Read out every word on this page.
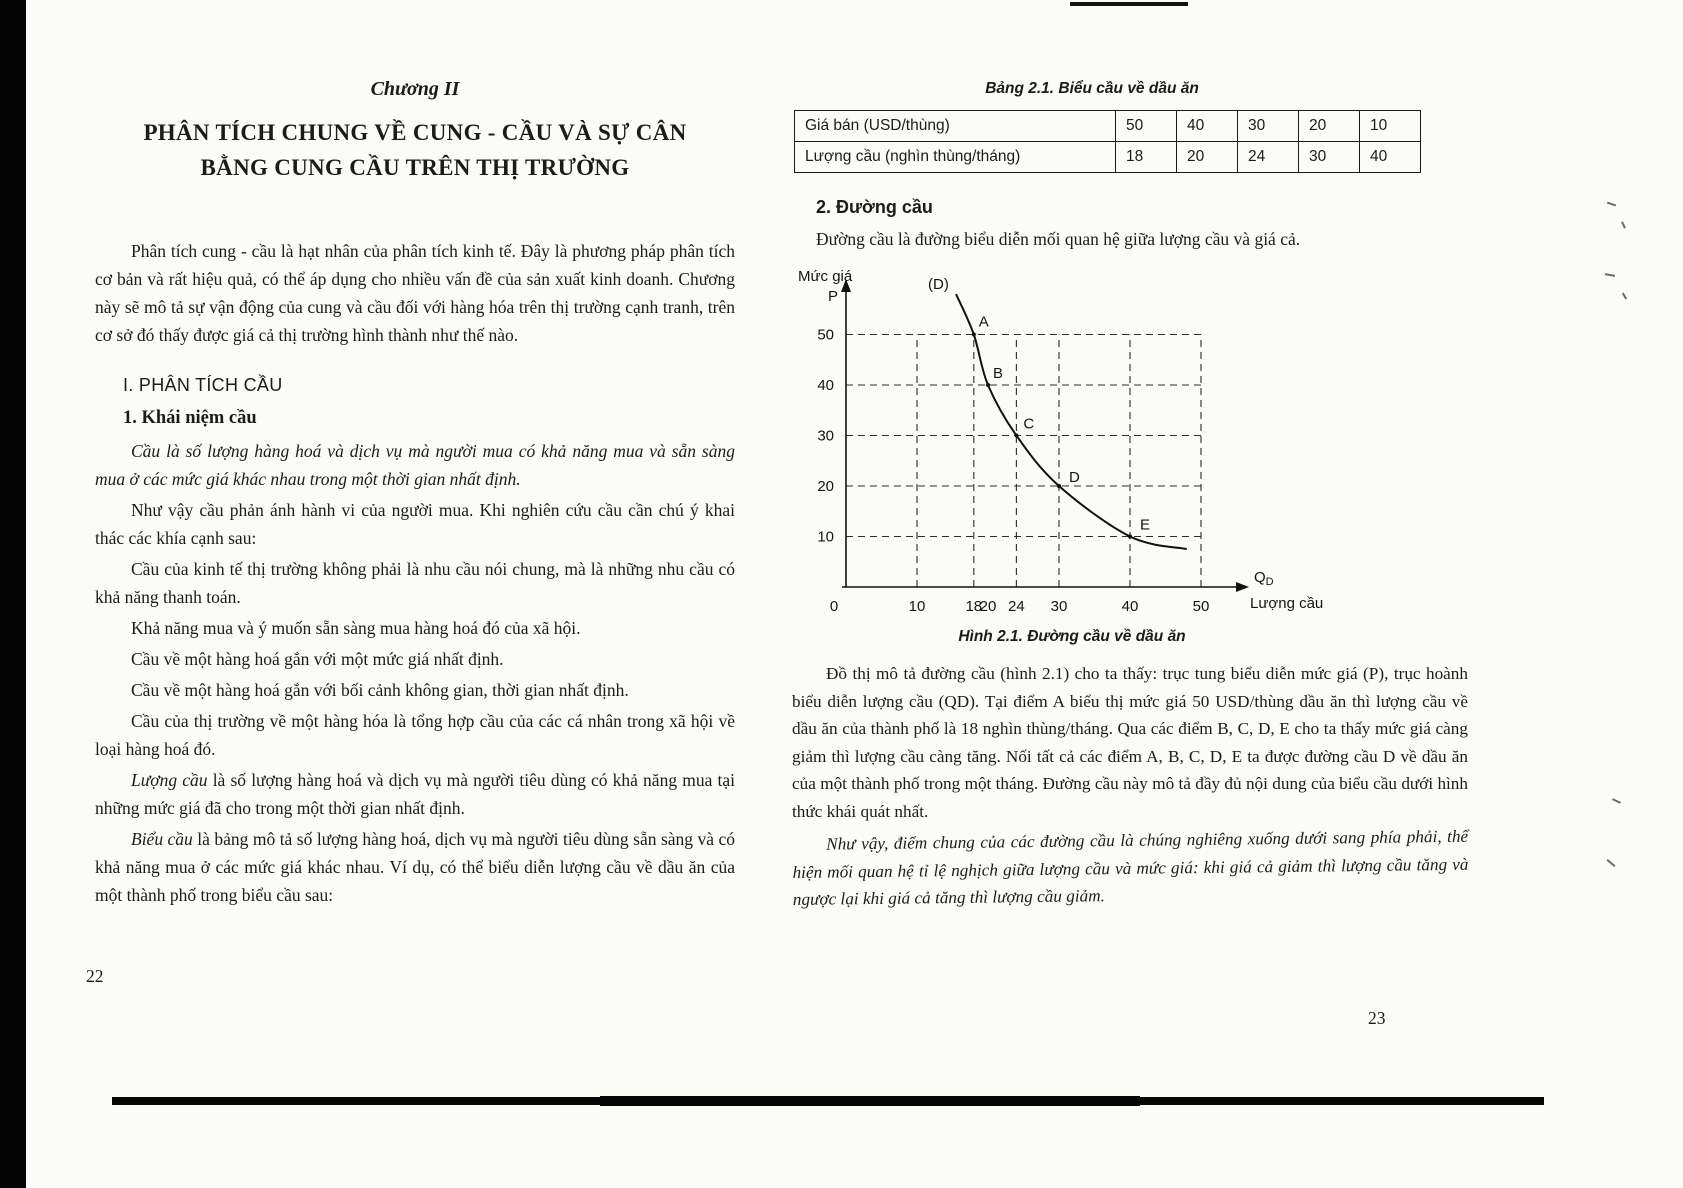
Chương II
PHÂN TÍCH CHUNG VỀ CUNG - CẦU VÀ SỰ CÂN
BẰNG CUNG CẦU TRÊN THỊ TRƯỜNG

Phân tích cung - cầu là hạt nhân của phân tích kinh tế. Đây là phương pháp phân tích cơ bản và rất hiệu quả, có thể áp dụng cho nhiều vấn đề của sản xuất kinh doanh. Chương này sẽ mô tả sự vận động của cung và cầu đối với hàng hóa trên thị trường cạnh tranh, trên cơ sở đó thấy được giá cả thị trường hình thành như thế nào.

I. PHÂN TÍCH CẦU
1. Khái niệm cầu

Cầu là số lượng hàng hoá và dịch vụ mà người mua có khả năng mua và sẵn sàng mua ở các mức giá khác nhau trong một thời gian nhất định.

Như vậy cầu phản ánh hành vi của người mua. Khi nghiên cứu cầu cần chú ý khai thác các khía cạnh sau:

Cầu của kinh tế thị trường không phải là nhu cầu nói chung, mà là những nhu cầu có khả năng thanh toán.

Khả năng mua và ý muốn sẵn sàng mua hàng hoá đó của xã hội.

Cầu về một hàng hoá gắn với một mức giá nhất định.

Cầu về một hàng hoá gắn với bối cảnh không gian, thời gian nhất định.

Cầu của thị trường về một hàng hóa là tổng hợp cầu của các cá nhân trong xã hội về loại hàng hoá đó.

Lượng cầu là số lượng hàng hoá và dịch vụ mà người tiêu dùng có khả năng mua tại những mức giá đã cho trong một thời gian nhất định.

Biểu cầu là bảng mô tả số lượng hàng hoá, dịch vụ mà người tiêu dùng sẵn sàng và có khả năng mua ở các mức giá khác nhau. Ví dụ, có thể biểu diễn lượng cầu về dầu ăn của một thành phố trong biểu cầu sau:

22
Bảng 2.1. Biểu cầu về dầu ăn
Giá bán (USD/thùng)	50	40	30	20	10
Lượng cầu (nghìn thùng/tháng)	18	20	24	30	40
2. Đường cầu

Đường cầu là đường biểu diễn mối quan hệ giữa lượng cầu và giá cả.

A
B
C
D
E
50
40
30
20
10
0	10	18
20 24 30	40	50
Mức giá
P
$Q_D$
Lượng cầu
(D)
Hình 2.1. Đường cầu về dầu ăn

Đồ thị mô tả đường cầu (hình 2.1) cho ta thấy: trục tung biểu diễn mức giá (P), trục hoành biểu diễn lượng cầu (QD). Tại điểm A biểu thị mức giá 50 USD/thùng dầu ăn thì lượng cầu về dầu ăn của thành phố là 18 nghìn thùng/tháng. Qua các điểm B, C, D, E cho ta thấy mức giá càng giảm thì lượng cầu càng tăng. Nối tất cả các điểm A, B, C, D, E ta được đường cầu D về dầu ăn của một thành phố trong một tháng. Đường cầu này mô tả đầy đủ nội dung của biểu cầu dưới hình thức khái quát nhất.

Như vậy, điểm chung của các đường cầu là chúng nghiêng xuống dưới sang phía phải, thể hiện mối quan hệ tỉ lệ nghịch giữa lượng cầu và mức giá: khi giá cả giảm thì lượng cầu tăng và ngược lại khi giá cả tăng thì lượng cầu giảm.

23
